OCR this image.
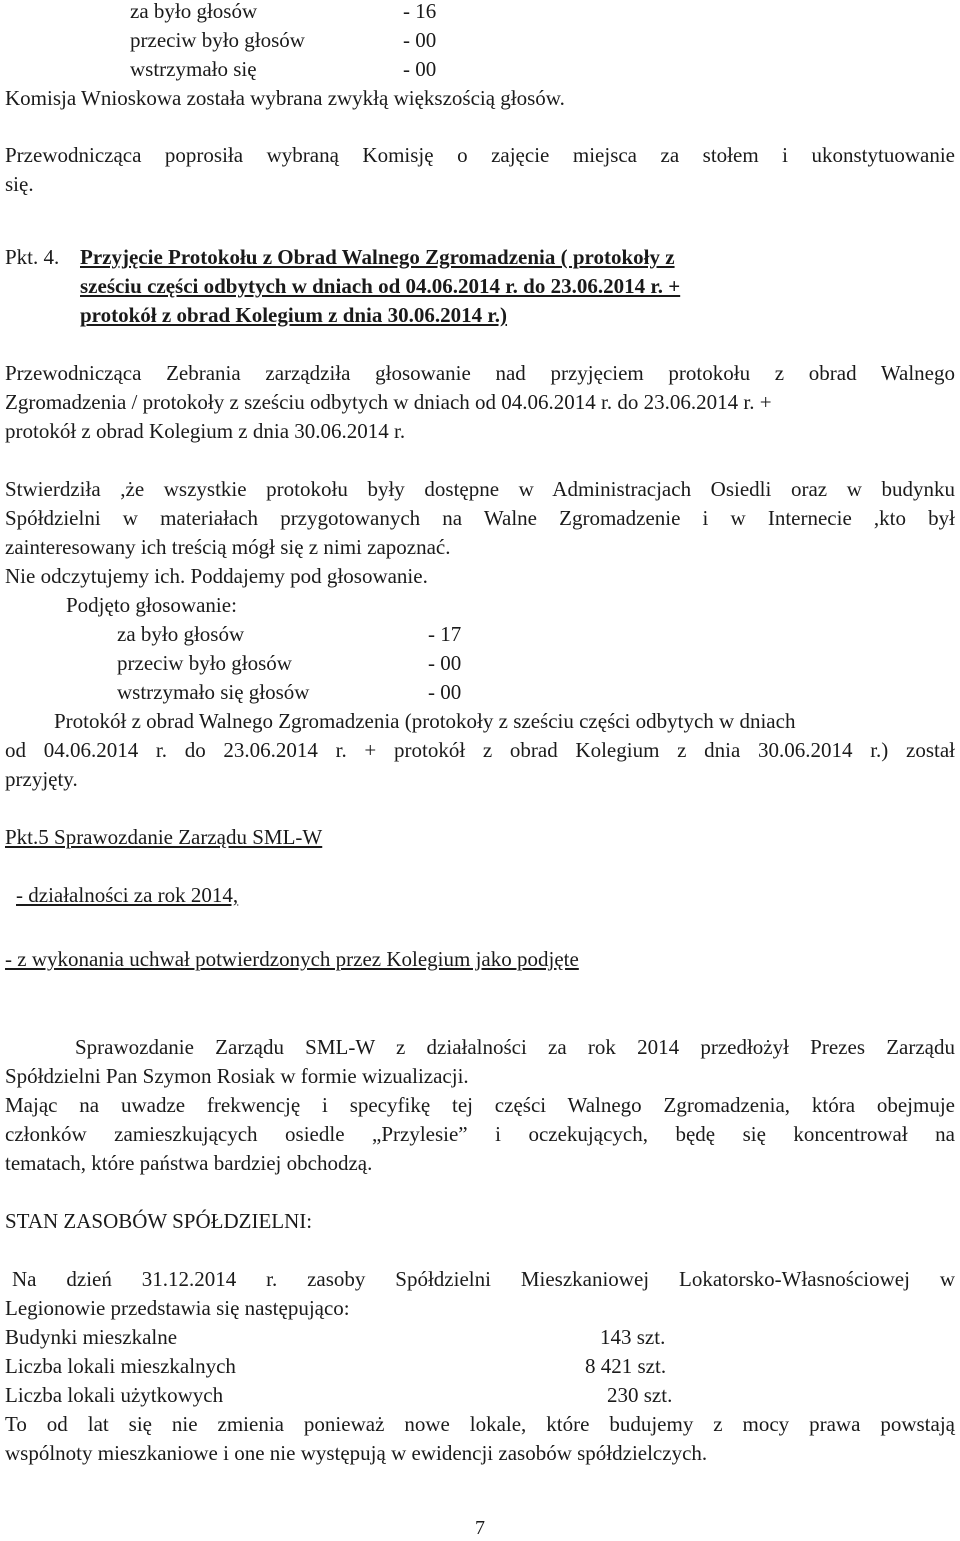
za było głosów	- 16
przeciw było głosów	- 00
wstrzymało się	- 00
Komisja Wnioskowa została wybrana zwykłą większością głosów.
Przewodnicząca poprosiła wybraną Komisję o zajęcie miejsca za stołem i ukonstytuowanie
się.
Pkt. 4. Przyjęcie Protokołu z Obrad Walnego Zgromadzenia ( protokoły z
sześciu części odbytych w dniach od 04.06.2014 r. do 23.06.2014 r. +
protokół z obrad Kolegium z dnia 30.06.2014 r.)
Przewodnicząca Zebrania zarządziła głosowanie nad przyjęciem protokołu z obrad Walnego
Zgromadzenia / protokoły z sześciu odbytych w dniach od 04.06.2014 r. do 23.06.2014 r. +
protokół z obrad Kolegium z dnia 30.06.2014 r.
Stwierdziła ,że wszystkie protokołu były dostępne w Administracjach Osiedli oraz w budynku
Spółdzielni w materiałach przygotowanych na Walne Zgromadzenie i w Internecie ,kto był
zainteresowany ich treścią mógł się z nimi zapoznać.
Nie odczytujemy ich. Poddajemy pod głosowanie.
Podjęto głosowanie:
za było głosów	- 17
przeciw było głosów	- 00
wstrzymało się głosów	- 00
Protokół z obrad Walnego Zgromadzenia (protokoły z sześciu części odbytych w dniach
od 04.06.2014 r. do 23.06.2014 r. + protokół z obrad Kolegium z dnia 30.06.2014 r.) został
przyjęty.
Pkt.5 Sprawozdanie Zarządu SML-W
- działalności za rok 2014,
- z wykonania uchwał potwierdzonych przez Kolegium jako podjęte
Sprawozdanie Zarządu SML-W z działalności za rok 2014 przedłożył Prezes Zarządu
Spółdzielni Pan Szymon Rosiak w formie wizualizacji.
Mając na uwadze frekwencję i specyfikę tej części Walnego Zgromadzenia, która obejmuje
członków zamieszkujących osiedle „Przylesie” i oczekujących, będę się koncentrował na
tematach, które państwa bardziej obchodzą.
STAN ZASOBÓW SPÓŁDZIELNI:
Na dzień 31.12.2014 r. zasoby Spółdzielni Mieszkaniowej Lokatorsko-Własnościowej w
Legionowie przedstawia się następująco:
Budynki mieszkalne	143 szt.
Liczba lokali mieszkalnych	8 421 szt.
Liczba lokali użytkowych	230 szt.
To od lat się nie zmienia ponieważ nowe lokale, które budujemy z mocy prawa powstają
wspólnoty mieszkaniowe i one nie występują w ewidencji zasobów spółdzielczych.
7
